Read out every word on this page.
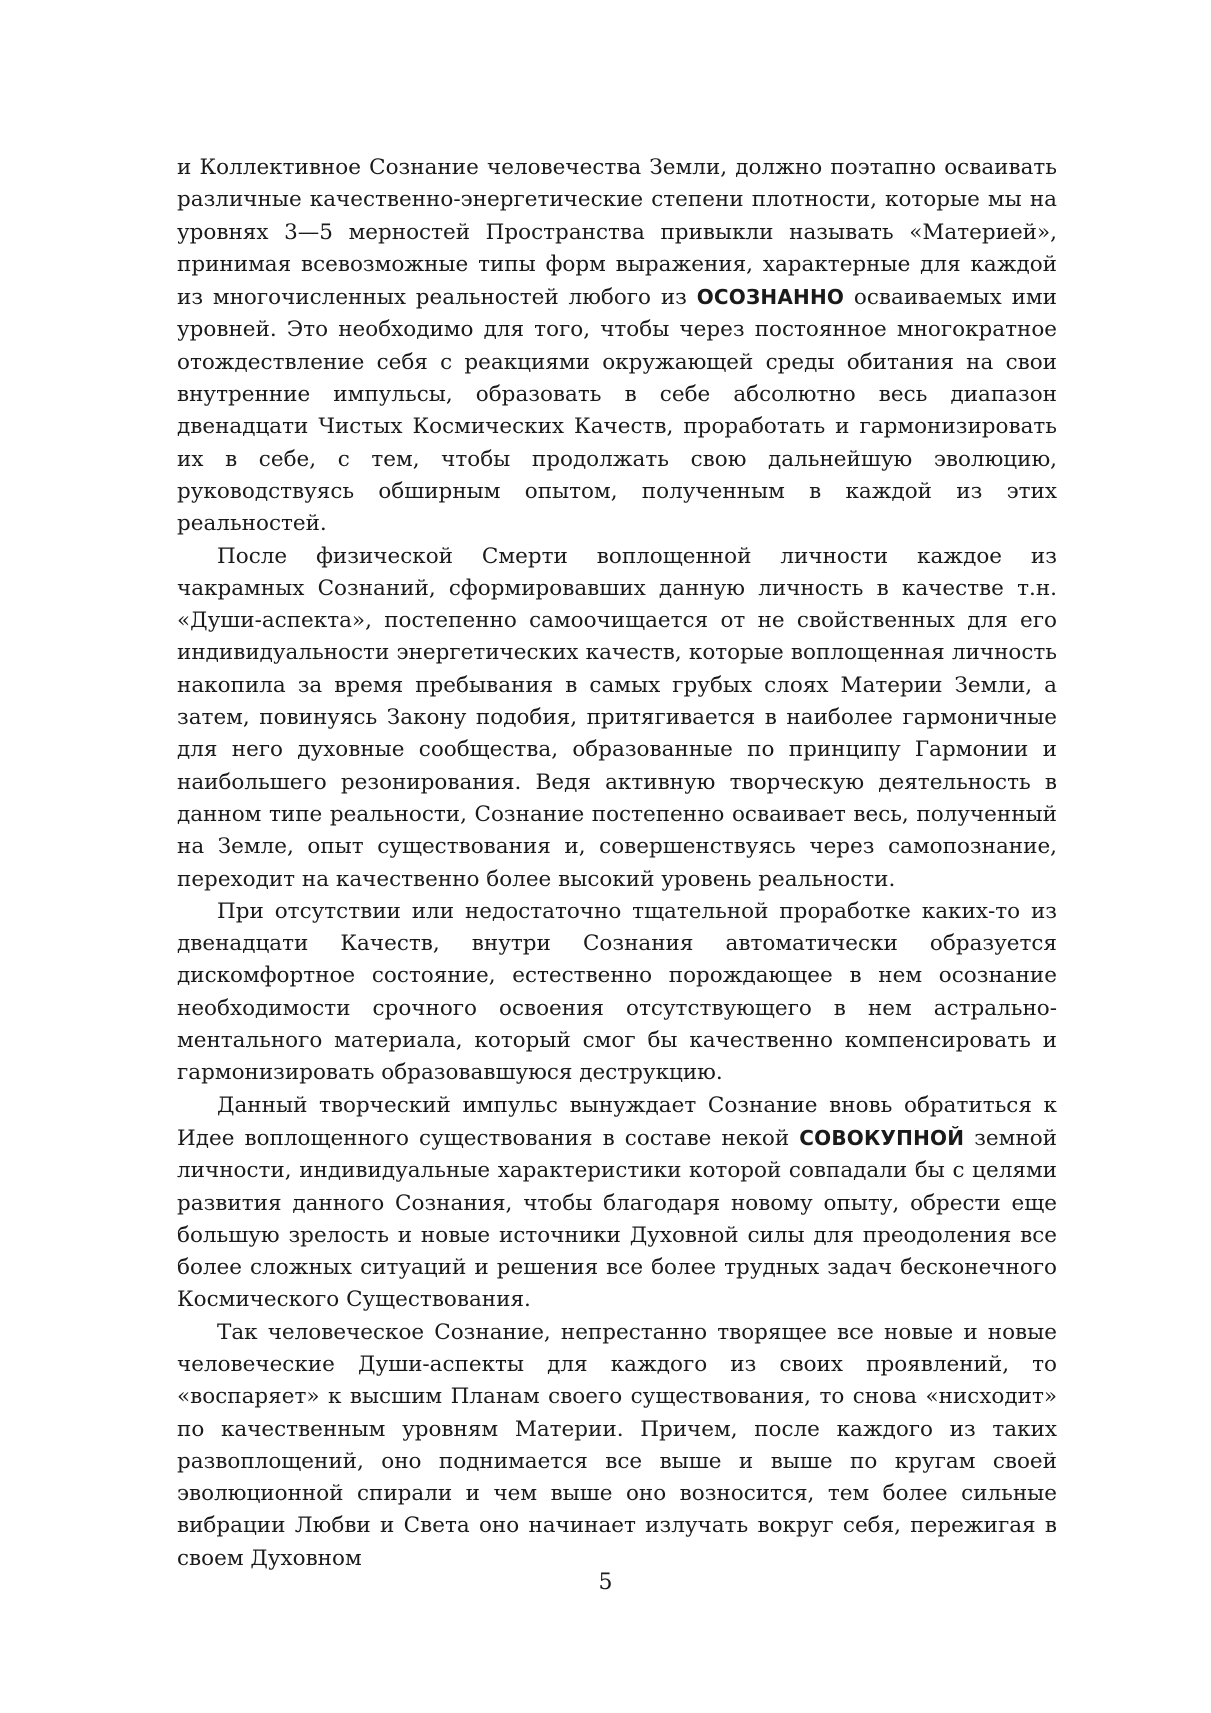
и Коллективное Сознание человечества Земли, должно поэтапно осваивать различные качественно-энергетические степени плотности, которые мы на уровнях 3—5 мерностей Пространства привыкли называть «Материей», принимая всевозможные типы форм выражения, характерные для каждой из многочисленных реальностей любого из ОСОЗНАННО осваиваемых ими уровней. Это необходимо для того, чтобы через постоянное многократное отождествление себя с реакциями окружающей среды обитания на свои внутренние импульсы, образовать в себе абсолютно весь диапазон двенадцати Чистых Космических Качеств, проработать и гармонизировать их в себе, с тем, чтобы продолжать свою дальнейшую эволюцию, руководствуясь обширным опытом, полученным в каждой из этих реальностей.

После физической Смерти воплощенной личности каждое из чакрамных Сознаний, сформировавших данную личность в качестве т.н. «Души-аспекта», постепенно самоочищается от не свойственных для его индивидуальности энергетических качеств, которые воплощенная личность накопила за время пребывания в самых грубых слоях Материи Земли, а затем, повинуясь Закону подобия, притягивается в наиболее гармоничные для него духовные сообщества, образованные по принципу Гармонии и наибольшего резонирования. Ведя активную творческую деятельность в данном типе реальности, Сознание постепенно осваивает весь, полученный на Земле, опыт существования и, совершенствуясь через самопознание, переходит на качественно более высокий уровень реальности.

При отсутствии или недостаточно тщательной проработке каких-то из двенадцати Качеств, внутри Сознания автоматически образуется дискомфортное состояние, естественно порождающее в нем осознание необходимости срочного освоения отсутствующего в нем астрально-ментального материала, который смог бы качественно компенсировать и гармонизировать образовавшуюся деструкцию.

Данный творческий импульс вынуждает Сознание вновь обратиться к Идее воплощенного существования в составе некой СОВОКУПНОЙ земной личности, индивидуальные характеристики которой совпадали бы с целями развития данного Сознания, чтобы благодаря новому опыту, обрести еще большую зрелость и новые источники Духовной силы для преодоления все более сложных ситуаций и решения все более трудных задач бесконечного Космического Существования.

Так человеческое Сознание, непрестанно творящее все новые и новые человеческие Души-аспекты для каждого из своих проявлений, то «воспаряет» к высшим Планам своего существования, то снова «нисходит» по качественным уровням Материи. Причем, после каждого из таких развоплощений, оно поднимается все выше и выше по кругам своей эволюционной спирали и чем выше оно возносится, тем более сильные вибрации Любви и Света оно начинает излучать вокруг себя, пережигая в своем Духовном

5
